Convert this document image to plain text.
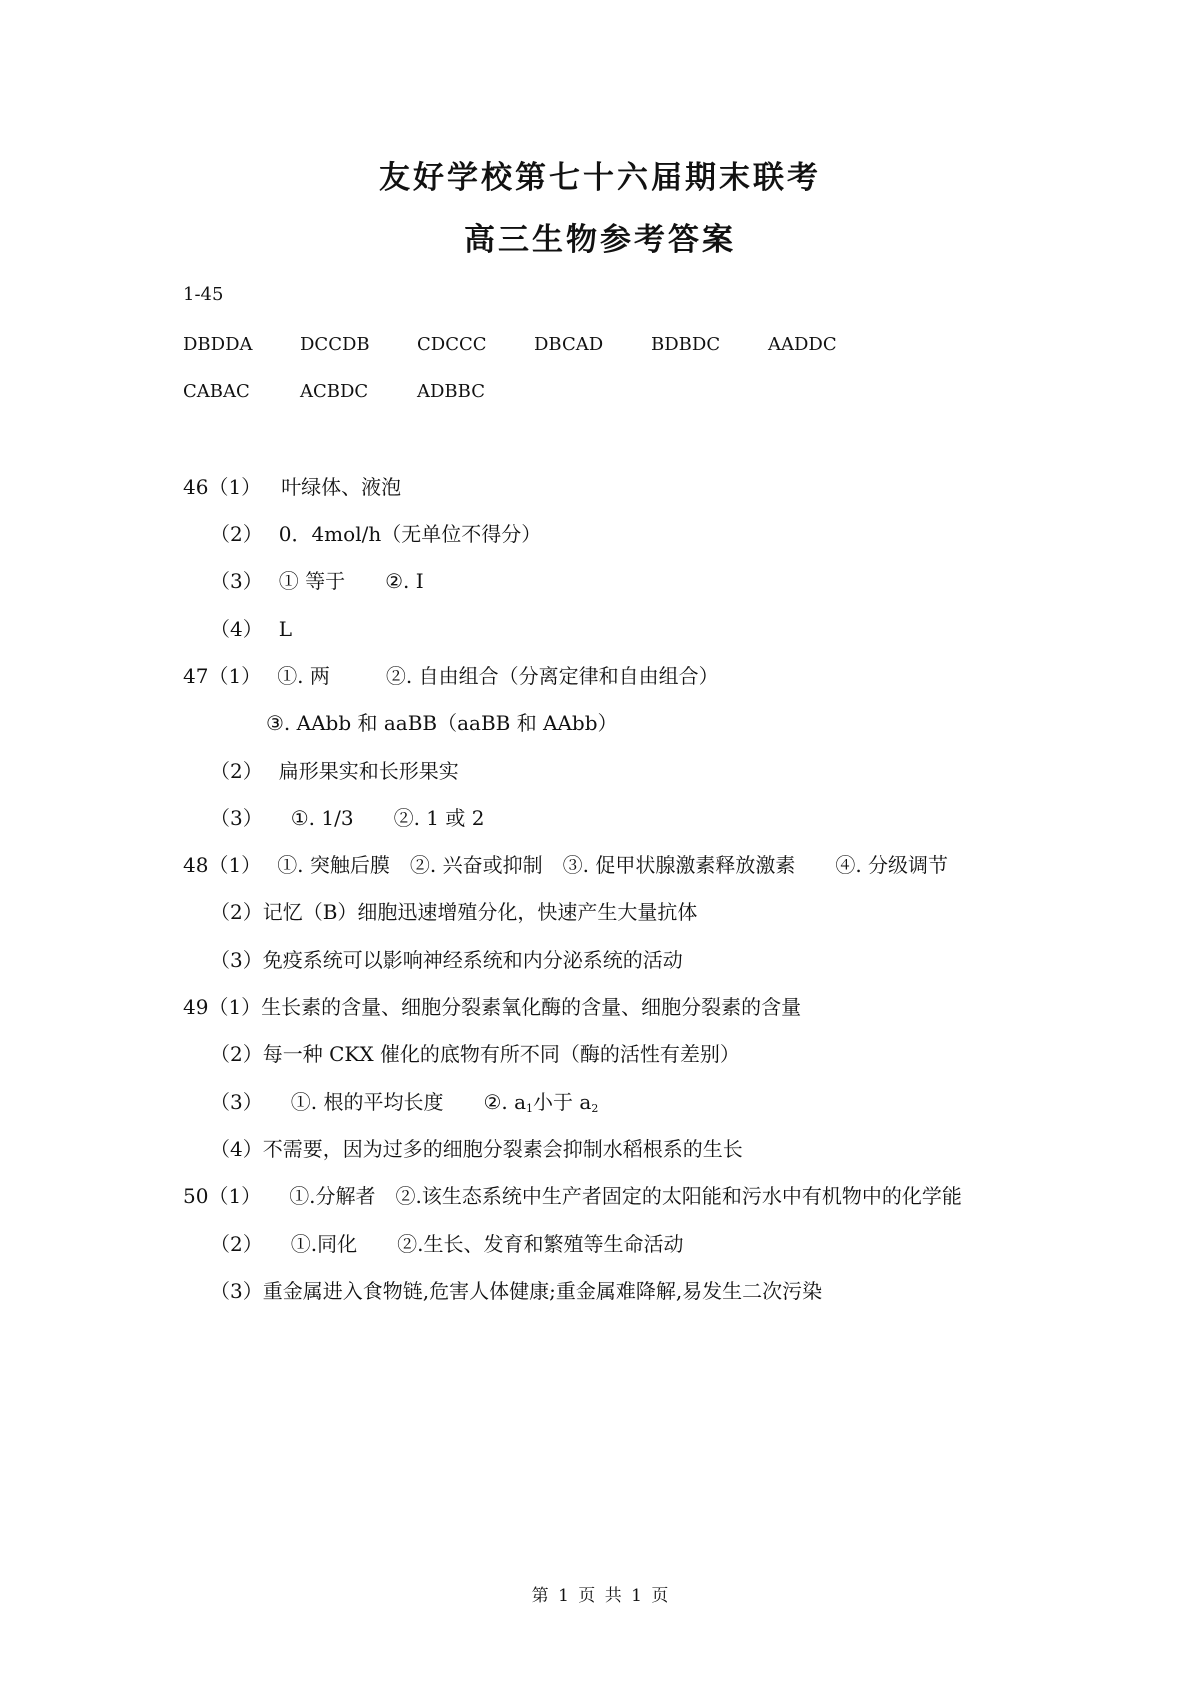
友好学校第七十六届期末联考
高三生物参考答案
1-45
DBDDA	DCCDB	CDCCC	DBCAD	BDBDC	AADDC
CABAC	ACBDC	ADBBC

46（1） 叶绿体、液泡

（2） 0．4mol/h（无单位不得分）

（3） ① 等于 ②. I

（4） L

47（1） ①. 两	②. 自由组合（分离定律和自由组合）

③. AAbb 和 aaBB（aaBB 和 AAbb）

（2） 扁形果实和长形果实

（3） ①. 1/3 ②. 1 或 2

48（1） ①. 突触后膜 ②. 兴奋或抑制 ③. 促甲状腺激素释放激素 ④. 分级调节

（2）记忆（B）细胞迅速增殖分化，快速产生大量抗体

（3）免疫系统可以影响神经系统和内分泌系统的活动

49（1）生长素的含量、细胞分裂素氧化酶的含量、细胞分裂素的含量

（2）每一种 CKX 催化的底物有所不同（酶的活性有差别）

（3） ①. 根的平均长度 ②. $a_1$小于 $a_2$

（4）不需要，因为过多的细胞分裂素会抑制水稻根系的生长

50（1） ①.分解者 ②.该生态系统中生产者固定的太阳能和污水中有机物中的化学能

（2） ①.同化 ②.生长、发育和繁殖等生命活动

（3）重金属进入食物链,危害人体健康;重金属难降解,易发生二次污染

第 1 页 共 1 页
